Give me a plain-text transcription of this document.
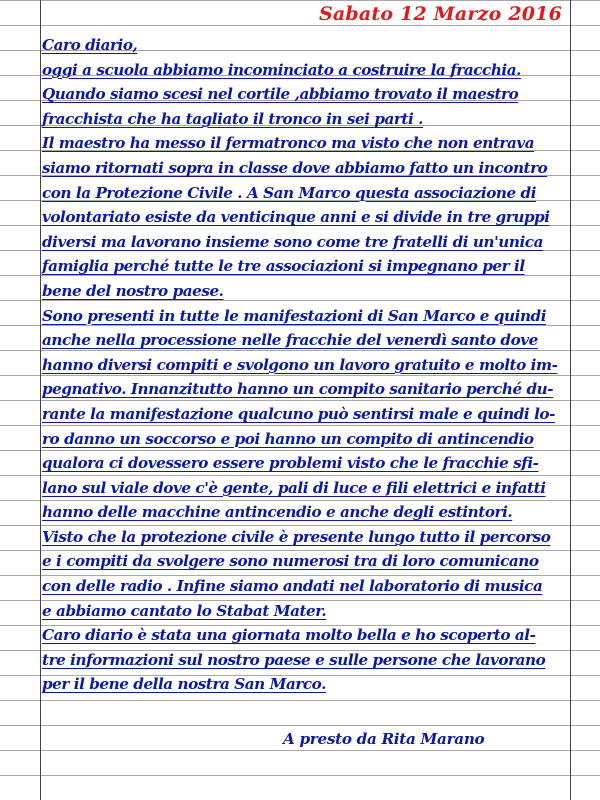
Sabato 12 Marzo 2016
Caro diario,
oggi a scuola abbiamo incominciato a costruire la fracchia.
Quando siamo scesi nel cortile ,abbiamo trovato il maestro
fracchista che ha tagliato il tronco in sei parti .
Il maestro ha messo il fermatronco ma visto che non entrava
siamo ritornati sopra in classe dove abbiamo fatto un incontro
con la Protezione Civile . A San Marco questa associazione di
volontariato esiste da venticinque anni e si divide in tre gruppi
diversi ma lavorano insieme sono come tre fratelli di un'unica
famiglia perché tutte le tre associazioni si impegnano per il
bene del nostro paese.
Sono presenti in tutte le manifestazioni di San Marco e quindi
anche nella processione nelle fracchie del venerdì santo dove
hanno diversi compiti e svolgono un lavoro gratuito e molto im-
pegnativo. Innanzitutto hanno un compito sanitario perché du-
rante la manifestazione qualcuno può sentirsi male e quindi lo-
ro danno un soccorso e poi hanno un compito di antincendio
qualora ci dovessero essere problemi visto che le fracchie sfi-
lano sul viale dove c'è gente, pali di luce e fili elettrici e infatti
hanno delle macchine antincendio e anche degli estintori.
Visto che la protezione civile è presente lungo tutto il percorso
e i compiti da svolgere sono numerosi tra di loro comunicano
con delle radio . Infine siamo andati nel laboratorio di musica
e abbiamo cantato lo Stabat Mater.
Caro diario è stata una giornata molto bella e ho scoperto al-
tre informazioni sul nostro paese e sulle persone che lavorano
per il bene della nostra San Marco.
A presto da Rita Marano
